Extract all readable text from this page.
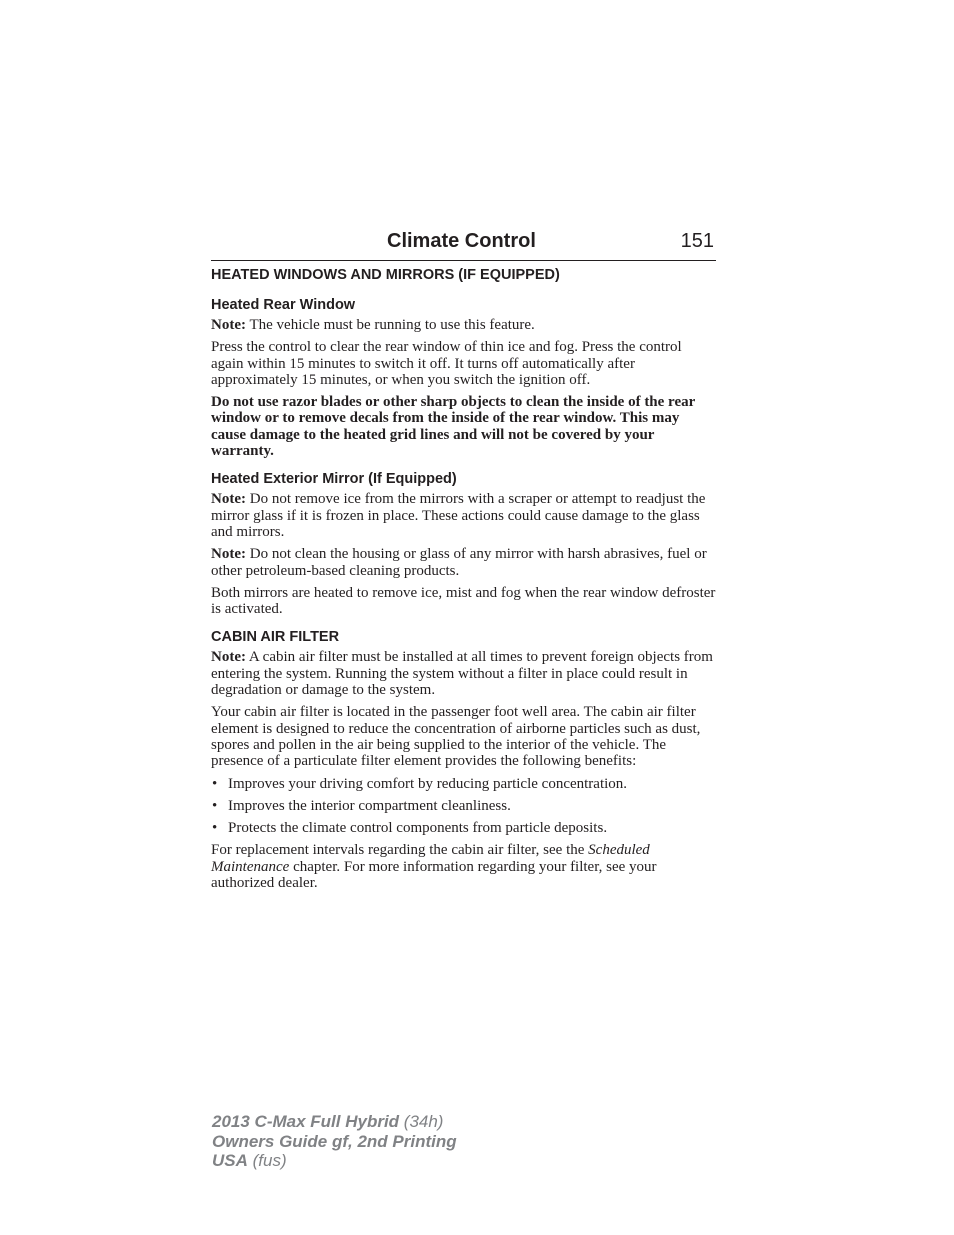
Climate Control	151
HEATED WINDOWS AND MIRRORS (IF EQUIPPED)
Heated Rear Window

Note: The vehicle must be running to use this feature.

Press the control to clear the rear window of thin ice and fog. Press the control again within 15 minutes to switch it off. It turns off automatically after approximately 15 minutes, or when you switch the ignition off.

Do not use razor blades or other sharp objects to clean the inside of the rear window or to remove decals from the inside of the rear window. This may cause damage to the heated grid lines and will not be covered by your warranty.

Heated Exterior Mirror (If Equipped)

Note: Do not remove ice from the mirrors with a scraper or attempt to readjust the mirror glass if it is frozen in place. These actions could cause damage to the glass and mirrors.

Note: Do not clean the housing or glass of any mirror with harsh abrasives, fuel or other petroleum-based cleaning products.

Both mirrors are heated to remove ice, mist and fog when the rear window defroster is activated.

CABIN AIR FILTER

Note: A cabin air filter must be installed at all times to prevent foreign objects from entering the system. Running the system without a filter in place could result in degradation or damage to the system.

Your cabin air filter is located in the passenger foot well area. The cabin air filter element is designed to reduce the concentration of airborne particles such as dust, spores and pollen in the air being supplied to the interior of the vehicle. The presence of a particulate filter element provides the following benefits:

• Improves your driving comfort by reducing particle concentration.
• Improves the interior compartment cleanliness.
• Protects the climate control components from particle deposits.

For replacement intervals regarding the cabin air filter, see the Scheduled Maintenance chapter. For more information regarding your filter, see your authorized dealer.

2013 C-Max Full Hybrid (34h)
Owners Guide gf, 2nd Printing
USA (fus)
